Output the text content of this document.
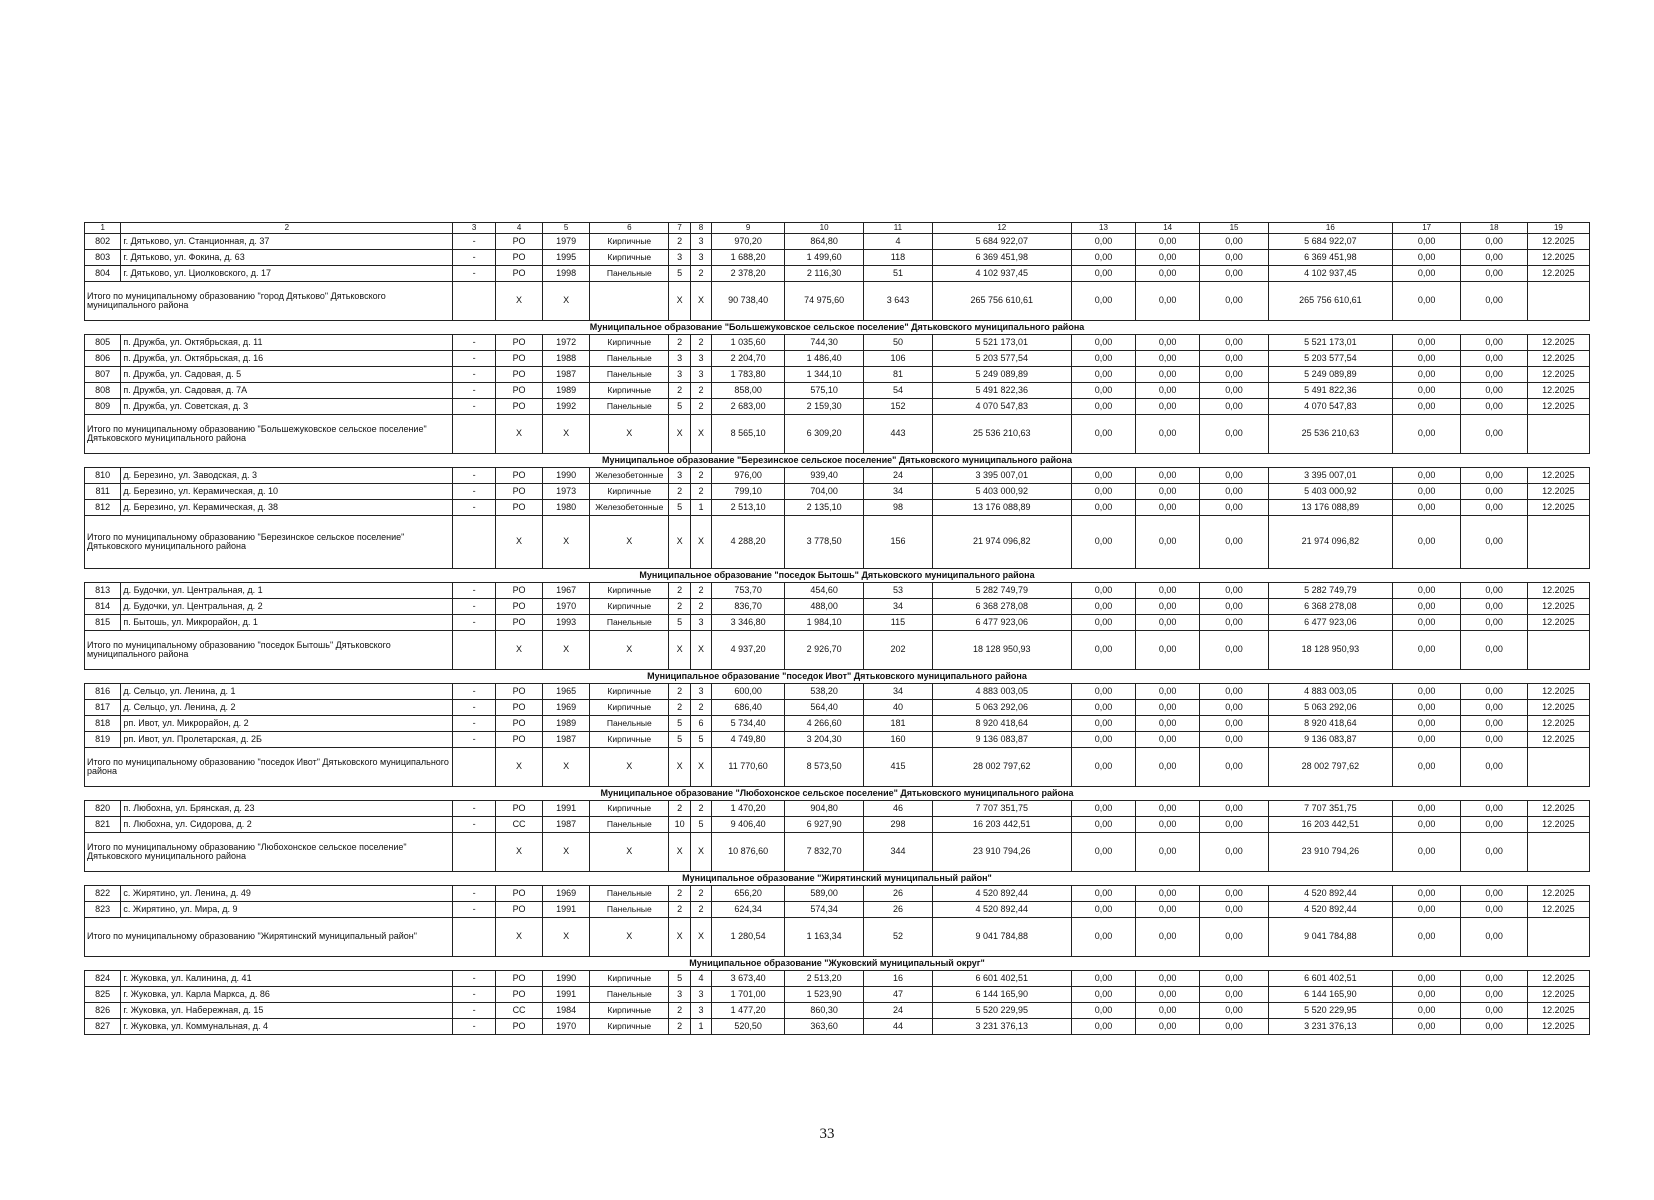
1	2	3	4	5	6	7	8	9	10	11	12	13	14	15	16	17	18	19
802	г. Дятьково, ул. Станционная, д. 37	-	РО	1979	Кирпичные	2	3	970,20	864,80	4	5 684 922,07	0,00	0,00	0,00	5 684 922,07	0,00	0,00	12.2025
803	г. Дятьково, ул. Фокина, д. 63	-	РО	1995	Кирпичные	3	3	1 688,20	1 499,60	118	6 369 451,98	0,00	0,00	0,00	6 369 451,98	0,00	0,00	12.2025
804	г. Дятьково, ул. Циолковского, д. 17	-	РО	1998	Панельные	5	2	2 378,20	2 116,30	51	4 102 937,45	0,00	0,00	0,00	4 102 937,45	0,00	0,00	12.2025
Итого по муниципальному образованию "город Дятьково" Дятьковского муниципального района			X	X		X	X	90 738,40	74 975,60	3 643	265 756 610,61	0,00	0,00	0,00	265 756 610,61	0,00	0,00	
Муниципальное образование "Большежуковское сельское поселение" Дятьковского муниципального района																		
805	п. Дружба, ул. Октябрьская, д. 11	-	РО	1972	Кирпичные	2	2	1 035,60	744,30	50	5 521 173,01	0,00	0,00	0,00	5 521 173,01	0,00	0,00	12.2025
806	п. Дружба, ул. Октябрьская, д. 16	-	РО	1988	Панельные	3	3	2 204,70	1 486,40	106	5 203 577,54	0,00	0,00	0,00	5 203 577,54	0,00	0,00	12.2025
807	п. Дружба, ул. Садовая, д. 5	-	РО	1987	Панельные	3	3	1 783,80	1 344,10	81	5 249 089,89	0,00	0,00	0,00	5 249 089,89	0,00	0,00	12.2025
808	п. Дружба, ул. Садовая, д. 7А	-	РО	1989	Кирпичные	2	2	858,00	575,10	54	5 491 822,36	0,00	0,00	0,00	5 491 822,36	0,00	0,00	12.2025
809	п. Дружба, ул. Советская, д. 3	-	РО	1992	Панельные	5	2	2 683,00	2 159,30	152	4 070 547,83	0,00	0,00	0,00	4 070 547,83	0,00	0,00	12.2025
Итого по муниципальному образованию "Большежуковское сельское поселение" Дятьковского муниципального района			X	X	X	X	X	8 565,10	6 309,20	443	25 536 210,63	0,00	0,00	0,00	25 536 210,63	0,00	0,00	
Муниципальное образование "Березинское сельское поселение" Дятьковского муниципального района																		
810	д. Березино, ул. Заводская, д. 3	-	РО	1990	Железобетонные	3	2	976,00	939,40	24	3 395 007,01	0,00	0,00	0,00	3 395 007,01	0,00	0,00	12.2025
811	д. Березино, ул. Керамическая, д. 10	-	РО	1973	Кирпичные	2	2	799,10	704,00	34	5 403 000,92	0,00	0,00	0,00	5 403 000,92	0,00	0,00	12.2025
812	д. Березино, ул. Керамическая, д. 38	-	РО	1980	Железобетонные	5	1	2 513,10	2 135,10	98	13 176 088,89	0,00	0,00	0,00	13 176 088,89	0,00	0,00	12.2025
Итого по муниципальному образованию "Березинское сельское поселение" Дятьковского муниципального района			X	X	X	X	X	4 288,20	3 778,50	156	21 974 096,82	0,00	0,00	0,00	21 974 096,82	0,00	0,00	
Муниципальное образование "поседок Бытошь" Дятьковского муниципального района																		
813	д. Будочки, ул. Центральная, д. 1	-	РО	1967	Кирпичные	2	2	753,70	454,60	53	5 282 749,79	0,00	0,00	0,00	5 282 749,79	0,00	0,00	12.2025
814	д. Будочки, ул. Центральная, д. 2	-	РО	1970	Кирпичные	2	2	836,70	488,00	34	6 368 278,08	0,00	0,00	0,00	6 368 278,08	0,00	0,00	12.2025
815	п. Бытошь, ул. Микрорайон, д. 1	-	РО	1993	Панельные	5	3	3 346,80	1 984,10	115	6 477 923,06	0,00	0,00	0,00	6 477 923,06	0,00	0,00	12.2025
Итого по муниципальному образованию "поседок Бытошь" Дятьковского муниципального района			X	X	X	X	X	4 937,20	2 926,70	202	18 128 950,93	0,00	0,00	0,00	18 128 950,93	0,00	0,00	
Муниципальное образование "поседок Ивот" Дятьковского муниципального района																		
816	д. Сельцо, ул. Ленина, д. 1	-	РО	1965	Кирпичные	2	3	600,00	538,20	34	4 883 003,05	0,00	0,00	0,00	4 883 003,05	0,00	0,00	12.2025
817	д. Сельцо, ул. Ленина, д. 2	-	РО	1969	Кирпичные	2	2	686,40	564,40	40	5 063 292,06	0,00	0,00	0,00	5 063 292,06	0,00	0,00	12.2025
818	рп. Ивот, ул. Микрорайон, д. 2	-	РО	1989	Панельные	5	6	5 734,40	4 266,60	181	8 920 418,64	0,00	0,00	0,00	8 920 418,64	0,00	0,00	12.2025
819	рп. Ивот, ул. Пролетарская, д. 2Б	-	РО	1987	Кирпичные	5	5	4 749,80	3 204,30	160	9 136 083,87	0,00	0,00	0,00	9 136 083,87	0,00	0,00	12.2025
Итого по муниципальному образованию "поседок Ивот" Дятьковского муниципального района			X	X	X	X	X	11 770,60	8 573,50	415	28 002 797,62	0,00	0,00	0,00	28 002 797,62	0,00	0,00	
Муниципальное образование "Любохонское сельское поселение" Дятьковского муниципального района																		
820	п. Любохна, ул. Брянская, д. 23	-	РО	1991	Кирпичные	2	2	1 470,20	904,80	46	7 707 351,75	0,00	0,00	0,00	7 707 351,75	0,00	0,00	12.2025
821	п. Любохна, ул. Сидорова, д. 2	-	СС	1987	Панельные	10	5	9 406,40	6 927,90	298	16 203 442,51	0,00	0,00	0,00	16 203 442,51	0,00	0,00	12.2025
Итого по муниципальному образованию "Любохонское сельское поселение" Дятьковского муниципального района			X	X	X	X	X	10 876,60	7 832,70	344	23 910 794,26	0,00	0,00	0,00	23 910 794,26	0,00	0,00	
Муниципальное образование "Жирятинский муниципальный район"																		
822	с. Жирятино, ул. Ленина, д. 49	-	РО	1969	Панельные	2	2	656,20	589,00	26	4 520 892,44	0,00	0,00	0,00	4 520 892,44	0,00	0,00	12.2025
823	с. Жирятино, ул. Мира, д. 9	-	РО	1991	Панельные	2	2	624,34	574,34	26	4 520 892,44	0,00	0,00	0,00	4 520 892,44	0,00	0,00	12.2025
Итого по муниципальному образованию "Жирятинский муниципальный район"			X	X	X	X	X	1 280,54	1 163,34	52	9 041 784,88	0,00	0,00	0,00	9 041 784,88	0,00	0,00	
Муниципальное образование "Жуковский муниципальный округ"																		
824	г. Жуковка, ул. Калинина, д. 41	-	РО	1990	Кирпичные	5	4	3 673,40	2 513,20	16	6 601 402,51	0,00	0,00	0,00	6 601 402,51	0,00	0,00	12.2025
825	г. Жуковка, ул. Карла Маркса, д. 86	-	РО	1991	Панельные	3	3	1 701,00	1 523,90	47	6 144 165,90	0,00	0,00	0,00	6 144 165,90	0,00	0,00	12.2025
826	г. Жуковка, ул. Набережная, д. 15	-	СС	1984	Кирпичные	2	3	1 477,20	860,30	24	5 520 229,95	0,00	0,00	0,00	5 520 229,95	0,00	0,00	12.2025
827	г. Жуковка, ул. Коммунальная, д. 4	-	РО	1970	Кирпичные	2	1	520,50	363,60	44	3 231 376,13	0,00	0,00	0,00	3 231 376,13	0,00	0,00	12.2025
33
